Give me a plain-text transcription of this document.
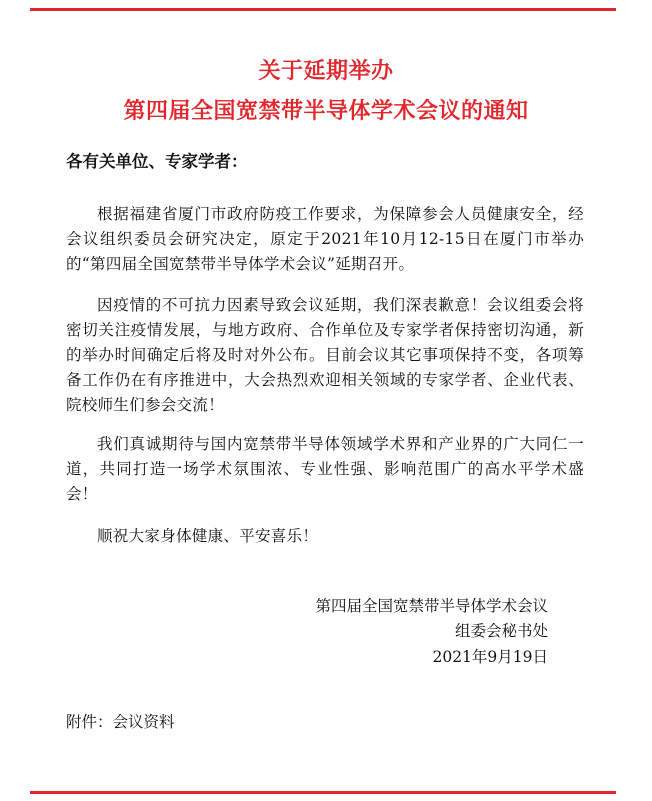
关于延期举办
第四届全国宽禁带半导体学术会议的通知
各有关单位、专家学者：

根据福建省厦门市政府防疫工作要求，为保障参会人员健康安全，经会议组织委员会研究决定，原定于2021年10月12-15日在厦门市举办的“第四届全国宽禁带半导体学术会议”延期召开。

因疫情的不可抗力因素导致会议延期，我们深表歉意！会议组委会将密切关注疫情发展，与地方政府、合作单位及专家学者保持密切沟通，新的举办时间确定后将及时对外公布。目前会议其它事项保持不变，各项筹备工作仍在有序推进中，大会热烈欢迎相关领域的专家学者、企业代表、院校师生们参会交流！

我们真诚期待与国内宽禁带半导体领域学术界和产业界的广大同仁一道，共同打造一场学术氛围浓、专业性强、影响范围广的高水平学术盛会！

顺祝大家身体健康、平安喜乐！

第四届全国宽禁带半导体学术会议
组委会秘书处
2021年9月19日
附件：会议资料
